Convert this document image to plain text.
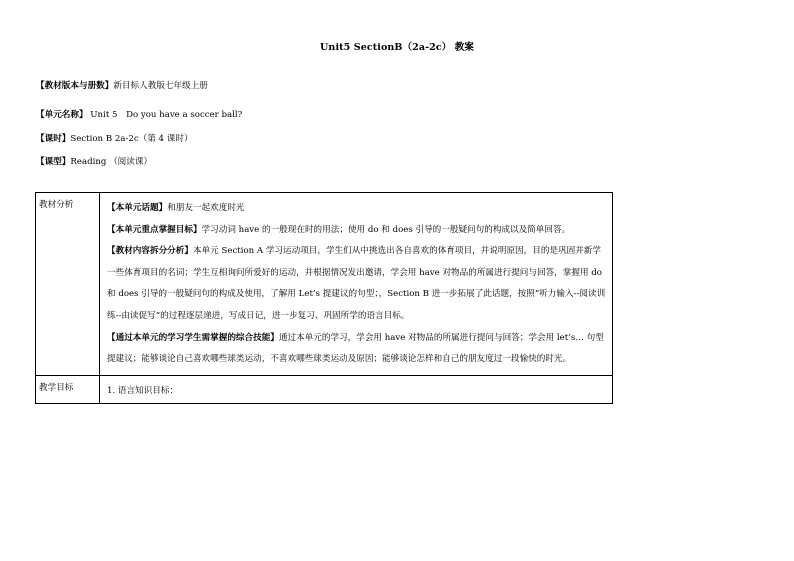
Unit5 SectionB（2a-2c） 教案
【教材版本与册数】新目标人教版七年级上册
【单元名称】 Unit 5　Do you have a soccer ball?
【课时】Section B 2a-2c（第 4 课时）
【课型】Reading （阅读课）
教材分析	【本单元话题】和朋友一起欢度时光

【本单元重点掌握目标】学习动词 have 的一般现在时的用法；使用 do 和 does 引导的一般疑问句的构成以及简单回答。

【教材内容拆分分析】本单元 Section A 学习运动项目，学生们从中挑选出各自喜欢的体育项目，并说明原因，目的是巩固并新学一些体育项目的名词；学生互相询问所爱好的运动，并根据情况发出邀请，学会用 have 对物品的所属进行提问与回答，掌握用 do 和 does 引导的一般疑问句的构成及使用，了解用 Let’s 提建议的句型；，Section B 进一步拓展了此话题，按照“听力输入--阅读训练--由读促写”的过程逐层递进，写成日记，进一步复习、巩固所学的语言目标。

【通过本单元的学习学生需掌握的综合技能】通过本单元的学习，学会用 have 对物品的所属进行提问与回答；学会用 let’s… 句型提建议；能够谈论自己喜欢哪些球类运动，不喜欢哪些球类运动及原因；能够谈论怎样和自己的朋友度过一段愉快的时光。

教学目标	1. 语言知识目标：
